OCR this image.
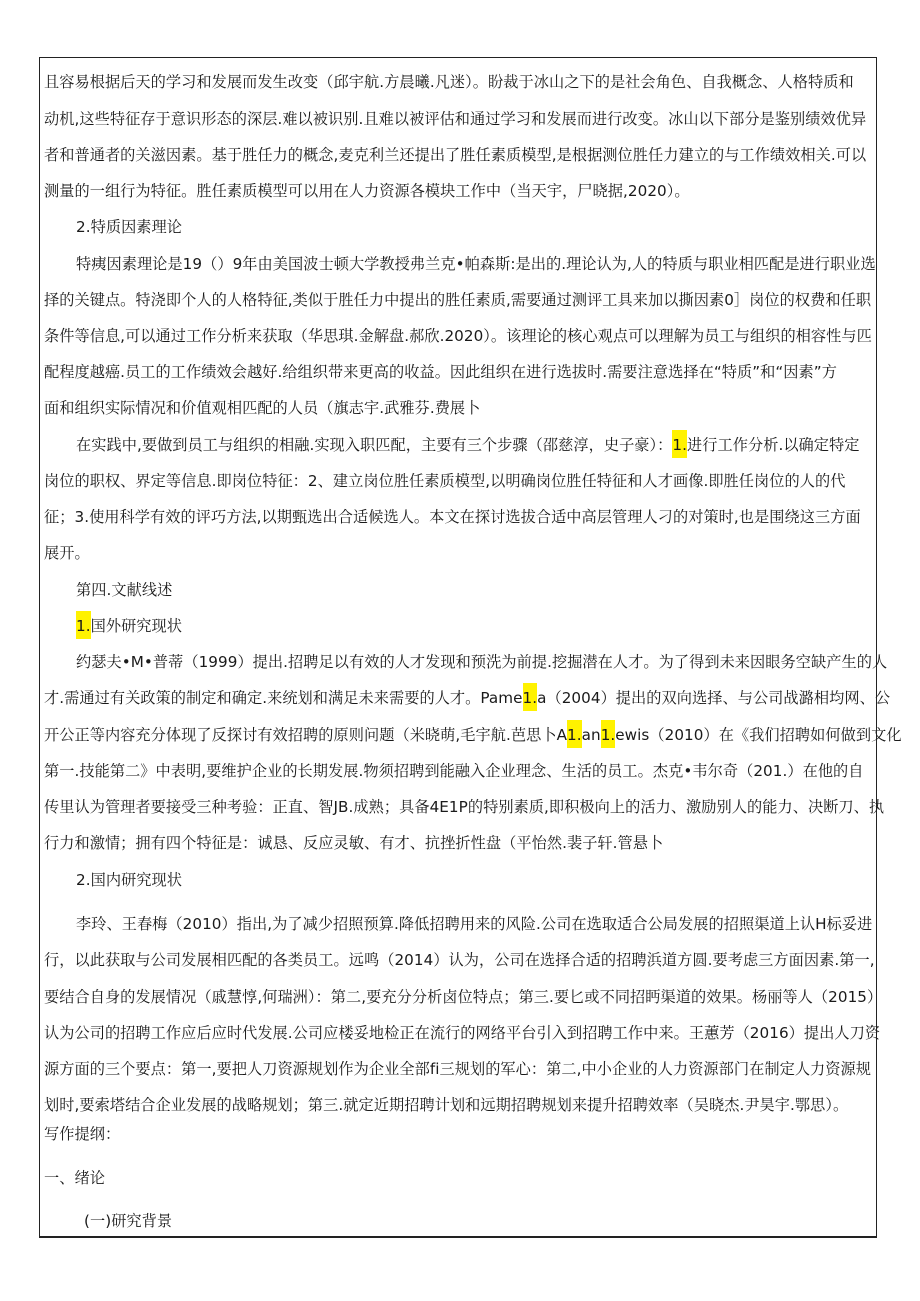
且容易根据后天的学习和发展而发生改变（邱宇航.方晨曦.凡迷）。盼裁于冰山之下的是社会角色、自我概念、人格特质和
动机,这些特征存于意识形态的深层.难以被识别.且难以被评估和通过学习和发展而进行改变。冰山以下部分是鉴别绩效优异
者和普通者的关滋因素。基于胜任力的概念,麦克利兰还提出了胜任素质模型,是根据测位胜任力建立的与工作绩效相关.可以
测量的一组行为特征。胜任素质模型可以用在人力资源各模块工作中（当天宇，尸晓据,2020）。
2.特质因素理论
特痍因素理论是19（）9年由美国波士顿大学教授弗兰克•帕森斯:是出的.理论认为,人的特质与职业相匹配是进行职业选
择的关键点。特浇即个人的人格特征,类似于胜任力中提出的胜任素质,需要通过测评工具来加以撕因素0］岗位的权费和任职
条件等信息,可以通过工作分析来获取（华思琪.金解盘.郝欣.2020）。该理论的核心观点可以理解为员工与组织的相容性与匹
配程度越癌.员工的工作绩效会越好.给组织带来更高的收益。因此组织在进行选拔时.需要注意选择在“特质”和“因素”方
面和组织实际情况和价值观相匹配的人员（旗志宇.武雅芬.费展卜
在实践中,要做到员工与组织的相融.实现入职匹配，主要有三个步骤（邵慈淳，史子豪）：1.进行工作分析.以确定特定
岗位的职权、界定等信息.即岗位特征：2、建立岗位胜任素质模型,以明确岗位胜任特征和人才画像.即胜任岗位的人的代
征；3.使用科学有效的评巧方法,以期甄选出合适候选人。本文在探讨选拔合适中高层管理人刁的对策时,也是围绕这三方面
展开。
第四.文献线述
1.国外研究现状
约瑟夫•M•普蒂（1999）提出.招聘足以有效的人才发现和预洗为前提.挖掘潜在人才。为了得到未来因眼务空缺产生的人
才.需通过有关政策的制定和确定.来统划和满足未来需要的人才。Pame1.a（2004）提出的双向选择、与公司战潞相均网、公
开公正等内容充分体现了反探讨有效招聘的原则问题（米晓萌,毛宇航.芭思卜A1.an1.ewis（2010）在《我们招聘如何做到文化
第一.技能第二》中表明,要维护企业的长期发展.物须招聘到能融入企业理念、生活的员工。杰克•韦尔奇（201.）在他的自
传里认为管理者要接受三种考验：正直、智JB.成熟；具备4E1P的特别素质,即积极向上的活力、激励别人的能力、决断刀、执
行力和激情；拥有四个特征是：诚恳、反应灵敏、有才、抗挫折性盘（平怡然.裴子轩.管悬卜
2.国内研究现状
李玲、王春梅（2010）指出,为了减少招照预算.降低招聘用来的风险.公司在选取适合公局发展的招照渠道上认H标妥进
行，以此获取与公司发展相匹配的各类员工。远鸣（2014）认为，公司在选择合适的招聘浜道方圆.要考虑三方面因素.第一,
要结合自身的发展情况（戚慧惇,何瑞洲）：第二,要充分分析卤位特点；第三.要匕或不同招眄渠道的效果。杨丽等人（2015）
认为公司的招聘工作应后应时代发展.公司应楼妥地检正在流行的网络平台引入到招聘工作中来。王蕙芳（2016）提出人刀资
源方面的三个要点：第一,要把人刀资源规划作为企业全部fi三规划的军心：第二,中小企业的人力资源部门在制定人力资源规
划时,要索塔结合企业发展的战略规划；第三.就定近期招聘计划和远期招聘规划来提升招聘效率（吴晓杰.尹昊宇.鄂思）。
写作提纲：
一、绪论
(一)研究背景
